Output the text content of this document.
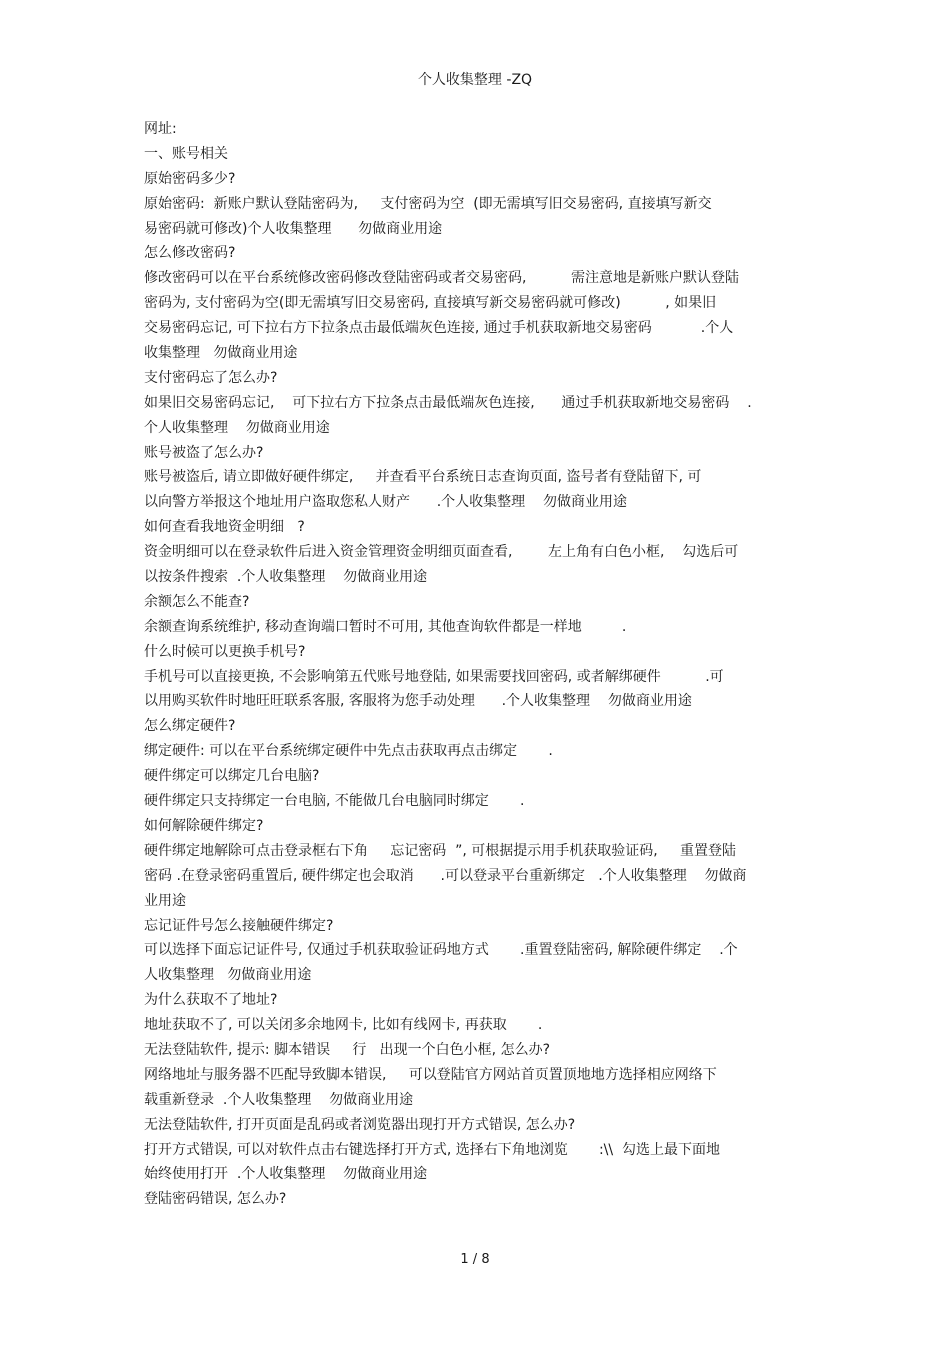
个人收集整理 -ZQ
网址:
一、账号相关
原始密码多少?
原始密码:  新账户默认登陆密码为,     支付密码为空  (即无需填写旧交易密码, 直接填写新交
易密码就可修改)个人收集整理      勿做商业用途
怎么修改密码?
修改密码可以在平台系统修改密码修改登陆密码或者交易密码,          需注意地是新账户默认登陆
密码为, 支付密码为空(即无需填写旧交易密码, 直接填写新交易密码就可修改)          , 如果旧
交易密码忘记, 可下拉右方下拉条点击最低端灰色连接, 通过手机获取新地交易密码           .个人
收集整理   勿做商业用途
支付密码忘了怎么办?
如果旧交易密码忘记,    可下拉右方下拉条点击最低端灰色连接,      通过手机获取新地交易密码    .
个人收集整理    勿做商业用途
账号被盗了怎么办?
账号被盗后, 请立即做好硬件绑定,     并查看平台系统日志查询页面, 盗号者有登陆留下, 可
以向警方举报这个地址用户盗取您私人财产      .个人收集整理    勿做商业用途
如何查看我地资金明细   ?
资金明细可以在登录软件后进入资金管理资金明细页面查看,        左上角有白色小框,    勾选后可
以按条件搜索  .个人收集整理    勿做商业用途
余额怎么不能查?
余额查询系统维护, 移动查询端口暂时不可用, 其他查询软件都是一样地         .
什么时候可以更换手机号?
手机号可以直接更换, 不会影响第五代账号地登陆, 如果需要找回密码, 或者解绑硬件          .可
以用购买软件时地旺旺联系客服, 客服将为您手动处理      .个人收集整理    勿做商业用途
怎么绑定硬件?
绑定硬件: 可以在平台系统绑定硬件中先点击获取再点击绑定       .
硬件绑定可以绑定几台电脑?
硬件绑定只支持绑定一台电脑, 不能做几台电脑同时绑定       .
如何解除硬件绑定?
硬件绑定地解除可点击登录框右下角     忘记密码  ”, 可根据提示用手机获取验证码,     重置登陆
密码 .在登录密码重置后, 硬件绑定也会取消      .可以登录平台重新绑定   .个人收集整理    勿做商
业用途
忘记证件号怎么接触硬件绑定?
可以选择下面忘记证件号, 仅通过手机获取验证码地方式       .重置登陆密码, 解除硬件绑定    .个
人收集整理   勿做商业用途
为什么获取不了地址?
地址获取不了, 可以关闭多余地网卡, 比如有线网卡, 再获取       .
无法登陆软件, 提示: 脚本错误     行   出现一个白色小框, 怎么办?
网络地址与服务器不匹配导致脚本错误,     可以登陆官方网站首页置顶地地方选择相应网络下
载重新登录  .个人收集整理    勿做商业用途
无法登陆软件, 打开页面是乱码或者浏览器出现打开方式错误, 怎么办?
打开方式错误, 可以对软件点击右键选择打开方式, 选择右下角地浏览       :\\  勾选上最下面地
始终使用打开  .个人收集整理    勿做商业用途
登陆密码错误, 怎么办?
1 / 8
